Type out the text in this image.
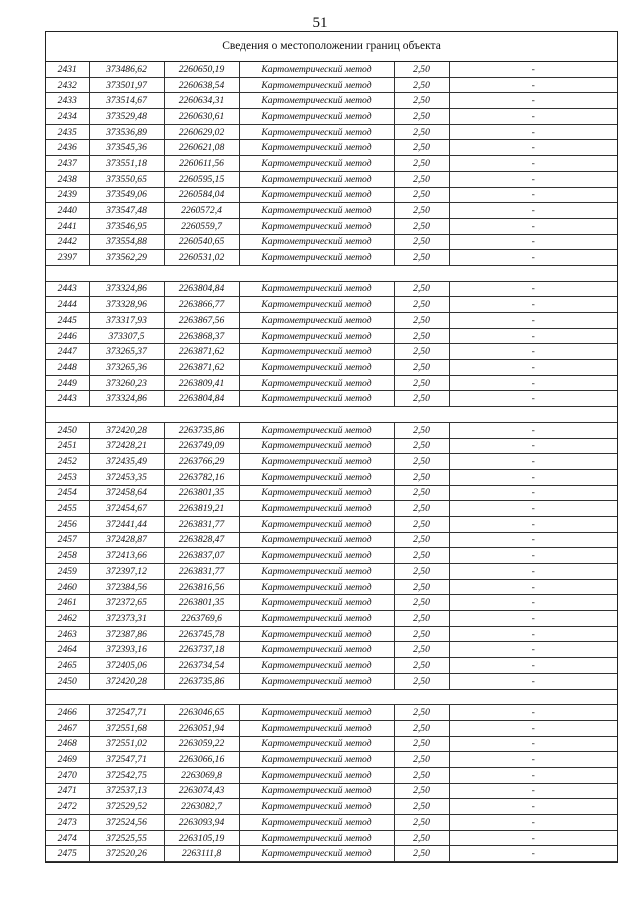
51
Сведения о местоположении границ объекта
2431	373486,62	2260650,19	Картометрический метод	2,50	-
2432	373501,97	2260638,54	Картометрический метод	2,50	-
2433	373514,67	2260634,31	Картометрический метод	2,50	-
2434	373529,48	2260630,61	Картометрический метод	2,50	-
2435	373536,89	2260629,02	Картометрический метод	2,50	-
2436	373545,36	2260621,08	Картометрический метод	2,50	-
2437	373551,18	2260611,56	Картометрический метод	2,50	-
2438	373550,65	2260595,15	Картометрический метод	2,50	-
2439	373549,06	2260584,04	Картометрический метод	2,50	-
2440	373547,48	2260572,4	Картометрический метод	2,50	-
2441	373546,95	2260559,7	Картометрический метод	2,50	-
2442	373554,88	2260540,65	Картометрический метод	2,50	-
2397	373562,29	2260531,02	Картометрический метод	2,50	-

2443	373324,86	2263804,84	Картометрический метод	2,50	-
2444	373328,96	2263866,77	Картометрический метод	2,50	-
2445	373317,93	2263867,56	Картометрический метод	2,50	-
2446	373307,5	2263868,37	Картометрический метод	2,50	-
2447	373265,37	2263871,62	Картометрический метод	2,50	-
2448	373265,36	2263871,62	Картометрический метод	2,50	-
2449	373260,23	2263809,41	Картометрический метод	2,50	-
2443	373324,86	2263804,84	Картометрический метод	2,50	-

2450	372420,28	2263735,86	Картометрический метод	2,50	-
2451	372428,21	2263749,09	Картометрический метод	2,50	-
2452	372435,49	2263766,29	Картометрический метод	2,50	-
2453	372453,35	2263782,16	Картометрический метод	2,50	-
2454	372458,64	2263801,35	Картометрический метод	2,50	-
2455	372454,67	2263819,21	Картометрический метод	2,50	-
2456	372441,44	2263831,77	Картометрический метод	2,50	-
2457	372428,87	2263828,47	Картометрический метод	2,50	-
2458	372413,66	2263837,07	Картометрический метод	2,50	-
2459	372397,12	2263831,77	Картометрический метод	2,50	-
2460	372384,56	2263816,56	Картометрический метод	2,50	-
2461	372372,65	2263801,35	Картометрический метод	2,50	-
2462	372373,31	2263769,6	Картометрический метод	2,50	-
2463	372387,86	2263745,78	Картометрический метод	2,50	-
2464	372393,16	2263737,18	Картометрический метод	2,50	-
2465	372405,06	2263734,54	Картометрический метод	2,50	-
2450	372420,28	2263735,86	Картометрический метод	2,50	-

2466	372547,71	2263046,65	Картометрический метод	2,50	-
2467	372551,68	2263051,94	Картометрический метод	2,50	-
2468	372551,02	2263059,22	Картометрический метод	2,50	-
2469	372547,71	2263066,16	Картометрический метод	2,50	-
2470	372542,75	2263069,8	Картометрический метод	2,50	-
2471	372537,13	2263074,43	Картометрический метод	2,50	-
2472	372529,52	2263082,7	Картометрический метод	2,50	-
2473	372524,56	2263093,94	Картометрический метод	2,50	-
2474	372525,55	2263105,19	Картометрический метод	2,50	-
2475	372520,26	2263111,8	Картометрический метод	2,50	-
